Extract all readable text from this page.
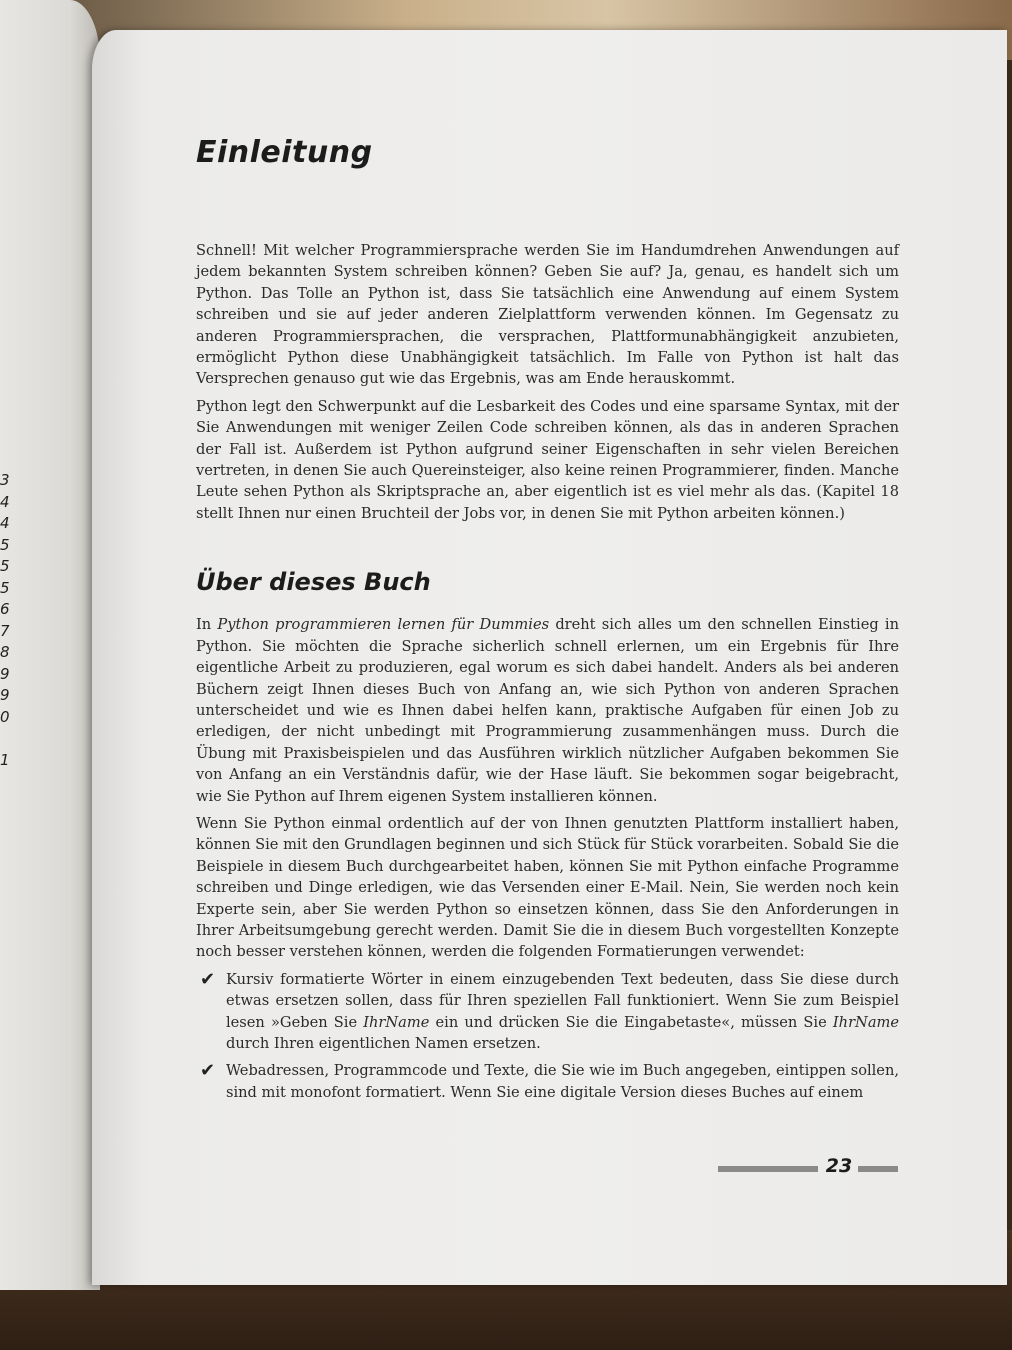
3
4
4
5
5
5
6
7
8
9
9
0

1
Einleitung

Schnell! Mit welcher Programmiersprache werden Sie im Handumdrehen Anwendungen auf jedem bekannten System schreiben können? Geben Sie auf? Ja, genau, es handelt sich um Python. Das Tolle an Python ist, dass Sie tatsächlich eine Anwendung auf einem System schreiben und sie auf jeder anderen Zielplattform verwenden können. Im Gegensatz zu anderen Programmiersprachen, die versprachen, Plattformunabhängigkeit anzubieten, ermöglicht Python diese Unabhängigkeit tatsächlich. Im Falle von Python ist halt das Versprechen genauso gut wie das Ergebnis, was am Ende herauskommt.

Python legt den Schwerpunkt auf die Lesbarkeit des Codes und eine sparsame Syntax, mit der Sie Anwendungen mit weniger Zeilen Code schreiben können, als das in anderen Sprachen der Fall ist. Außerdem ist Python aufgrund seiner Eigenschaften in sehr vielen Bereichen vertreten, in denen Sie auch Quereinsteiger, also keine reinen Programmierer, finden. Manche Leute sehen Python als Skriptsprache an, aber eigentlich ist es viel mehr als das. (Kapitel 18 stellt Ihnen nur einen Bruchteil der Jobs vor, in denen Sie mit Python arbeiten können.)

Über dieses Buch

In Python programmieren lernen für Dummies dreht sich alles um den schnellen Einstieg in Python. Sie möchten die Sprache sicherlich schnell erlernen, um ein Ergebnis für Ihre eigentliche Arbeit zu produzieren, egal worum es sich dabei handelt. Anders als bei anderen Büchern zeigt Ihnen dieses Buch von Anfang an, wie sich Python von anderen Sprachen unterscheidet und wie es Ihnen dabei helfen kann, praktische Aufgaben für einen Job zu erledigen, der nicht unbedingt mit Programmierung zusammenhängen muss. Durch die Übung mit Praxisbeispielen und das Ausführen wirklich nützlicher Aufgaben bekommen Sie von Anfang an ein Verständnis dafür, wie der Hase läuft. Sie bekommen sogar beigebracht, wie Sie Python auf Ihrem eigenen System installieren können.

Wenn Sie Python einmal ordentlich auf der von Ihnen genutzten Plattform installiert haben, können Sie mit den Grundlagen beginnen und sich Stück für Stück vorarbeiten. Sobald Sie die Beispiele in diesem Buch durchgearbeitet haben, können Sie mit Python einfache Programme schreiben und Dinge erledigen, wie das Versenden einer E-Mail. Nein, Sie werden noch kein Experte sein, aber Sie werden Python so einsetzen können, dass Sie den Anforderungen in Ihrer Arbeitsumgebung gerecht werden. Damit Sie die in diesem Buch vorgestellten Konzepte noch besser verstehen können, werden die folgenden Formatierungen verwendet:

✔ Kursiv formatierte Wörter in einem einzugebenden Text bedeuten, dass Sie diese durch etwas ersetzen sollen, dass für Ihren speziellen Fall funktioniert. Wenn Sie zum Beispiel lesen »Geben Sie IhrName ein und drücken Sie die Eingabetaste«, müssen Sie IhrName durch Ihren eigentlichen Namen ersetzen.

✔ Webadressen, Programmcode und Texte, die Sie wie im Buch angegeben, eintippen sollen, sind mit monofont formatiert. Wenn Sie eine digitale Version dieses Buches auf einem

23
